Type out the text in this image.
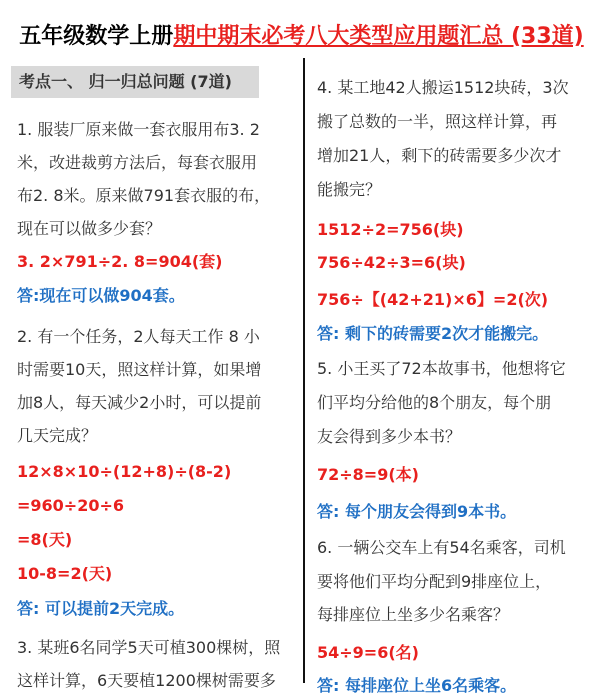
五年级数学上册期中期末必考八大类型应用题汇总 (33道)
考点一、 归一归总问题 (7道)
1. 服装厂原来做一套衣服用布3. 2
米，改进裁剪方法后，每套衣服用
布2. 8米。原来做791套衣服的布，
现在可以做多少套？
3. 2×791÷2. 8=904(套)
答:现在可以做904套。
2. 有一个任务，2人每天工作 8 小
时需要10天，照这样计算，如果增
加8人，每天减少2小时，可以提前
几天完成？
12×8×10÷(12+8)÷(8-2)
=960÷20÷6
=8(天)
10-8=2(天)
答: 可以提前2天完成。
3. 某班6名同学5天可植300棵树，照
这样计算，6天要植1200棵树需要多
4. 某工地42人搬运1512块砖，3次
搬了总数的一半，照这样计算，再
增加21人，剩下的砖需要多少次才
能搬完？
1512÷2=756(块)
756÷42÷3=6(块)
756÷【(42+21)×6】=2(次)
答: 剩下的砖需要2次才能搬完。
5. 小王买了72本故事书，他想将它
们平均分给他的8个朋友，每个朋
友会得到多少本书？
72÷8=9(本)
答: 每个朋友会得到9本书。
6. 一辆公交车上有54名乘客，司机
要将他们平均分配到9排座位上，
每排座位上坐多少名乘客？
54÷9=6(名)
答: 每排座位上坐6名乘客。
